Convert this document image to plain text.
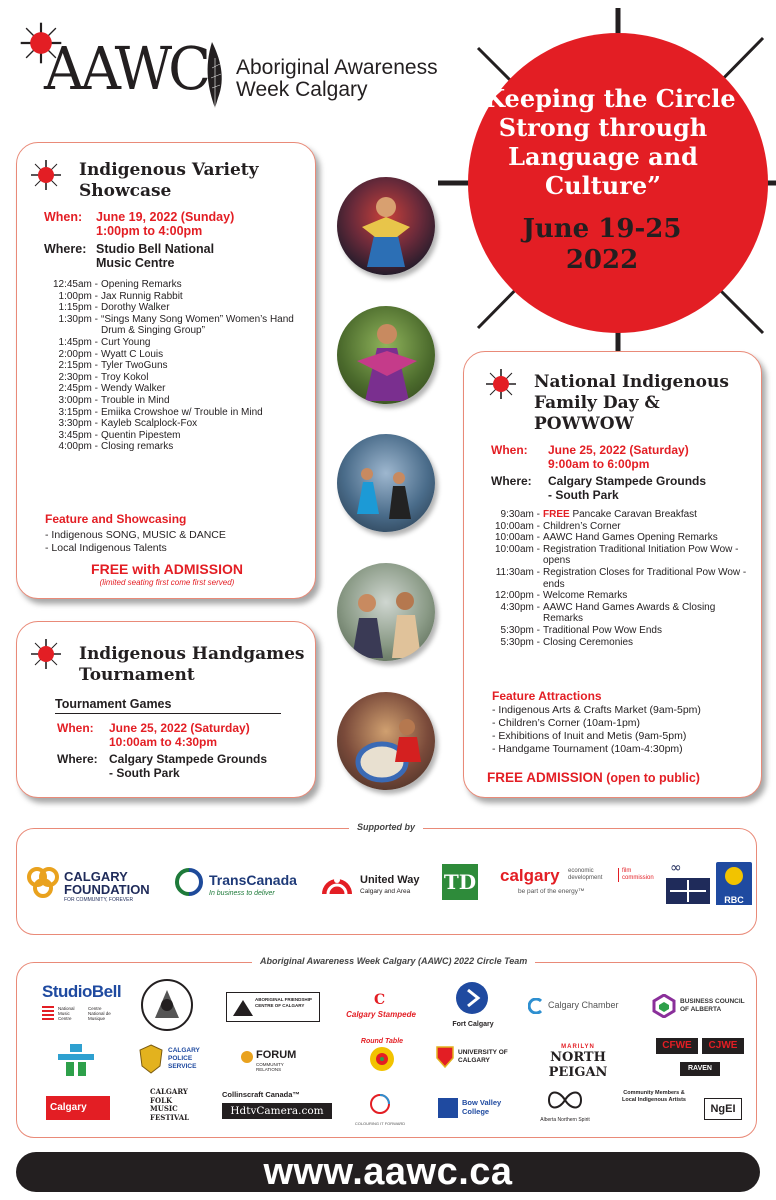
AAWC Aboriginal Awareness
Week Calgary	“Keeping the Circle Strong through Language and Culture”
June 19-25 2022
Indigenous Variety
Showcase
When:	June 19, 2022 (Sunday)
1:00pm to 4:00pm
Where: Studio Bell National
Music Centre
12:45am - Opening Remarks
1:00pm - Jax Runnig Rabbit
1:15pm - Dorothy Walker
1:30pm - “Sings Many Song Women” Women’s Hand Drum & Singing Group”
1:45pm - Curt Young
2:00pm - Wyatt C Louis
2:15pm - Tyler TwoGuns
2:30pm - Troy Kokol
2:45pm - Wendy Walker
3:00pm - Trouble in Mind
3:15pm - Emiika Crowshoe w/ Trouble in Mind
3:30pm - Kayleb Scalplock-Fox
3:45pm - Quentin Pipestem
4:00pm - Closing remarks
Feature and Showcasing
- Indigenous SONG, MUSIC & DANCE
- Local Indigenous Talents
FREE with ADMISSION
(limited seating first come first served)
Indigenous Handgames
Tournament
Tournament Games
When:	June 25, 2022 (Saturday)
10:00am to 4:30pm
Where: Calgary Stampede Grounds
- South Park
National Indigenous
Family Day &
POWWOW
When:	June 25, 2022 (Saturday)
9:00am to 6:00pm
Where:	Calgary Stampede Grounds
- South Park
9:30am - FREE Pancake Caravan Breakfast
10:00am - Children’s Corner
10:00am - AAWC Hand Games Opening Remarks
10:00am - Registration Traditional Initiation Pow Wow - opens
11:30am - Registration Closes for Traditional Pow Wow - ends
12:00pm - Welcome Remarks
4:30pm - AAWC Hand Games Awards & Closing Remarks
5:30pm - Traditional Pow Wow Ends
5:30pm - Closing Ceremonies
Feature Attractions
- Indigenous Arts & Crafts Market (9am-5pm)
- Children’s Corner (10am-1pm)
- Exhibitions of Inuit and Metis (9am-5pm)
- Handgame Tournament (10am-4:30pm)
FREE ADMISSION (open to public)
Supported by
CALGARY FOUNDATION
FOR COMMUNITY, FOREVER
TransCanada
In business to deliver
United Way
Calgary and Area TD calgary economic development
film commission
be part of the energy™
∞
RBC
Aboriginal Awareness Week Calgary (AAWC) 2022 Circle Team
StudioBell
National Music Centre
Centre National de Musique
ABORIGINAL FRIENDSHIP CENTRE OF CALGARY	C
Calgary Stampede
Fort Calgary
Calgary Chamber	BUSINESS COUNCIL OF ALBERTA
CALGARY POLICE SERVICE
FORUM
COMMUNITY RELATIONS
Round Table
UNIVERSITY OF CALGARY
MARILYN
NORTH PEIGAN
CFWE	CJWE
RAVEN
Calgary
CALGARY FOLK MUSIC FESTIVAL
Collinscraft Canada™
HdtvCamera.com
COLOURING IT FORWARD
Bow Valley College
Alberta Northern Spirit
Community Members & Local Indigenous Artists
NgEI
www.aawc.ca
